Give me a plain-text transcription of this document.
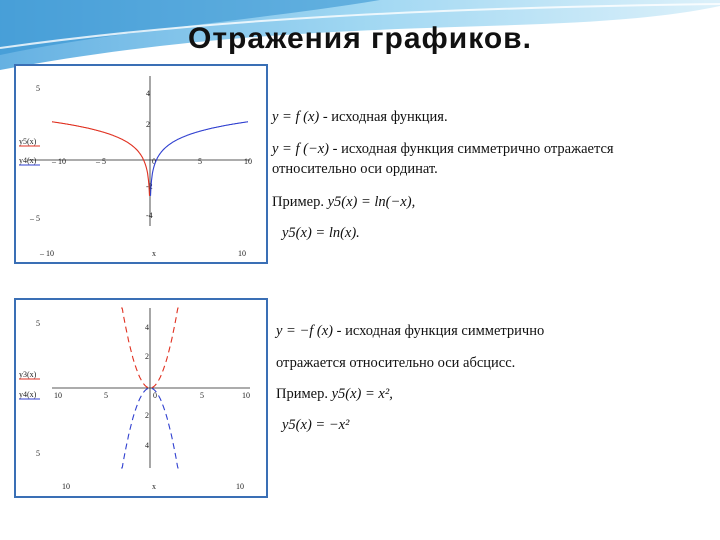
Отражения графиков.
5
– 5
y5(x)
y4(x) – 10	– 5	0	5	10
4
2
-2
-4
– 10	x	10
5
5
y3(x)
y4(x) 10	5	0	5	10
4
2
2
4
10	x	10
y = f (x) - исходная функция.
y = f (−x) - исходная функция симметрично отражается
относительно оси ординат.
Пример. y5(x) = ln(−x),
y5(x) = ln(x).
y = −f (x) - исходная функция симметрично
отражается относительно оси абсцисс.
Пример. y5(x) = x²,
y5(x) = −x²
